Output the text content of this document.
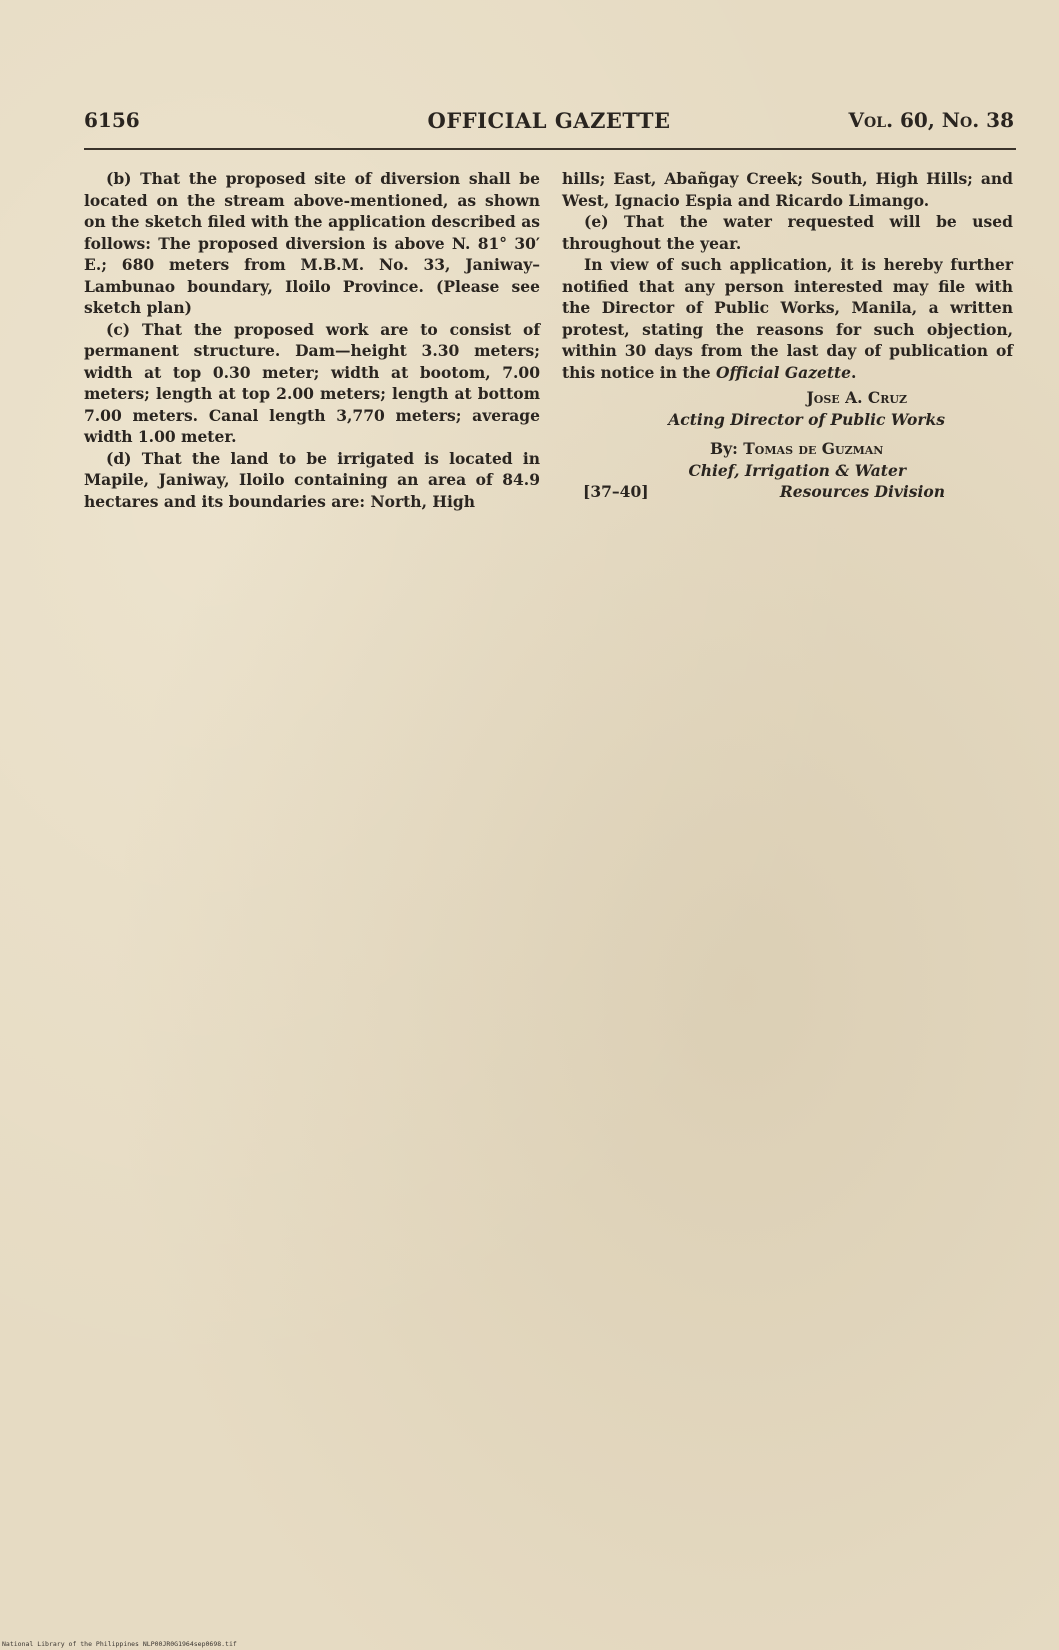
6156	OFFICIAL GAZETTE	Vol. 60, No. 38

(b) That the proposed site of diversion shall be located on the stream above-mentioned, as shown on the sketch filed with the application described as follows: The proposed diversion is above N. 81° 30′ E.; 680 meters from M.B.M. No. 33, Janiway–Lambunao boundary, Iloilo Province. (Please see sketch plan)

(c) That the proposed work are to consist of permanent structure. Dam—height 3.30 meters; width at top 0.30 meter; width at bootom, 7.00 meters; length at top 2.00 meters; length at bottom 7.00 meters. Canal length 3,770 meters; average width 1.00 meter.

(d) That the land to be irrigated is located in Mapile, Janiway, Iloilo containing an area of 84.9 hectares and its boundaries are: North, High

hills; East, Abañgay Creek; South, High Hills; and West, Ignacio Espia and Ricardo Limango.

(e) That the water requested will be used throughout the year.

In view of such application, it is hereby further notified that any person interested may file with the Director of Public Works, Manila, a written protest, stating the reasons for such objection, within 30 days from the last day of publication of this notice in the Official Gazette.

Jose A. Cruz
Acting Director of Public Works
By: Tomas de Guzman
Chief, Irrigation & Water
[37–40]	Resources Division
National Library of the Philippines NLP00JR0G1964sep0698.tif
